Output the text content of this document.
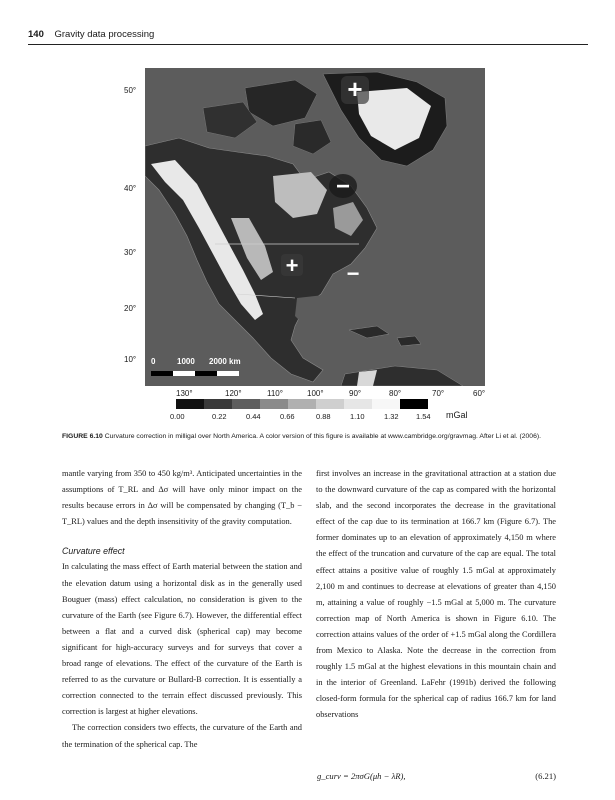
140 Gravity data processing
50°
40°
30°
20°
10°
+
−
+ −
0	1000 2000 km
130°	120°	110°	100°	90°	80°	70°	60°
0.00	0.22	0.44	0.66	0.88	1.10	1.32 1.54 mGal
FIGURE 6.10 Curvature correction in milligal over North America. A color version of this figure is available at www.cambridge.org/gravmag. After Li et al. (2006).

mantle varying from 350 to 450 kg/m³. Anticipated uncertainties in the assumptions of T_RL and Δσ will have only minor impact on the results because errors in Δσ will be compensated by changing (T_b − T_RL) values and the depth insensitivity of the gravity computation.

Curvature effect

In calculating the mass effect of Earth material between the station and the elevation datum using a horizontal disk as in the generally used Bouguer (mass) effect calculation, no consideration is given to the curvature of the Earth (see Figure 6.7). However, the differential effect between a flat and a curved disk (spherical cap) may become significant for high-accuracy surveys and for surveys that cover a broad range of elevations. The effect of the curvature of the Earth is referred to as the curvature or Bullard-B correction. It is essentially a correction connected to the terrain effect discussed previously. This correction is largest at higher elevations.

The correction considers two effects, the curvature of the Earth and the termination of the spherical cap. The

first involves an increase in the gravitational attraction at a station due to the downward curvature of the cap as compared with the horizontal slab, and the second incorporates the decrease in the gravitational effect of the cap due to its termination at 166.7 km (Figure 6.7). The former dominates up to an elevation of approximately 4,150 m where the effect of the truncation and curvature of the cap are equal. The total effect attains a positive value of roughly 1.5 mGal at approximately 2,100 m and continues to decrease at elevations of greater than 4,150 m, attaining a value of roughly −1.5 mGal at 5,000 m. The curvature correction map of North America is shown in Figure 6.10. The correction attains values of the order of +1.5 mGal along the Cordillera from Mexico to Alaska. Note the decrease in the correction from roughly 1.5 mGal at the highest elevations in this mountain chain and in the interior of Greenland. LaFehr (1991b) derived the following closed-form formula for the spherical cap of radius 166.7 km for land observations

g_curv = 2πσG(μh − λR),	(6.21)
